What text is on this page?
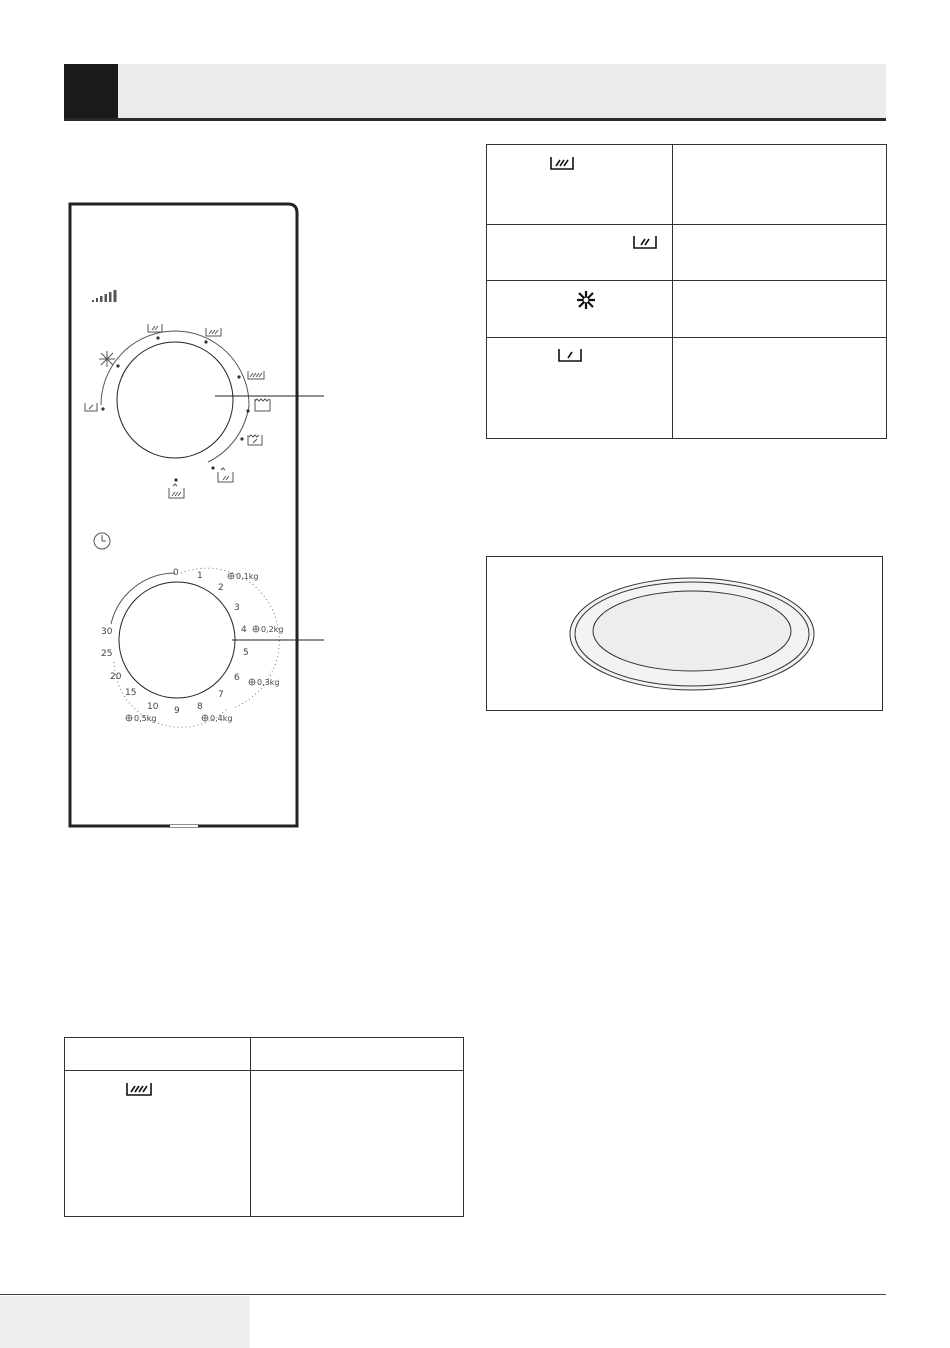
0 1
2
3
4
5
6
7
8
9
10
15
20
25
30
0,1kg
0,2kg
0,3kg
0,4kg
0,5kg
